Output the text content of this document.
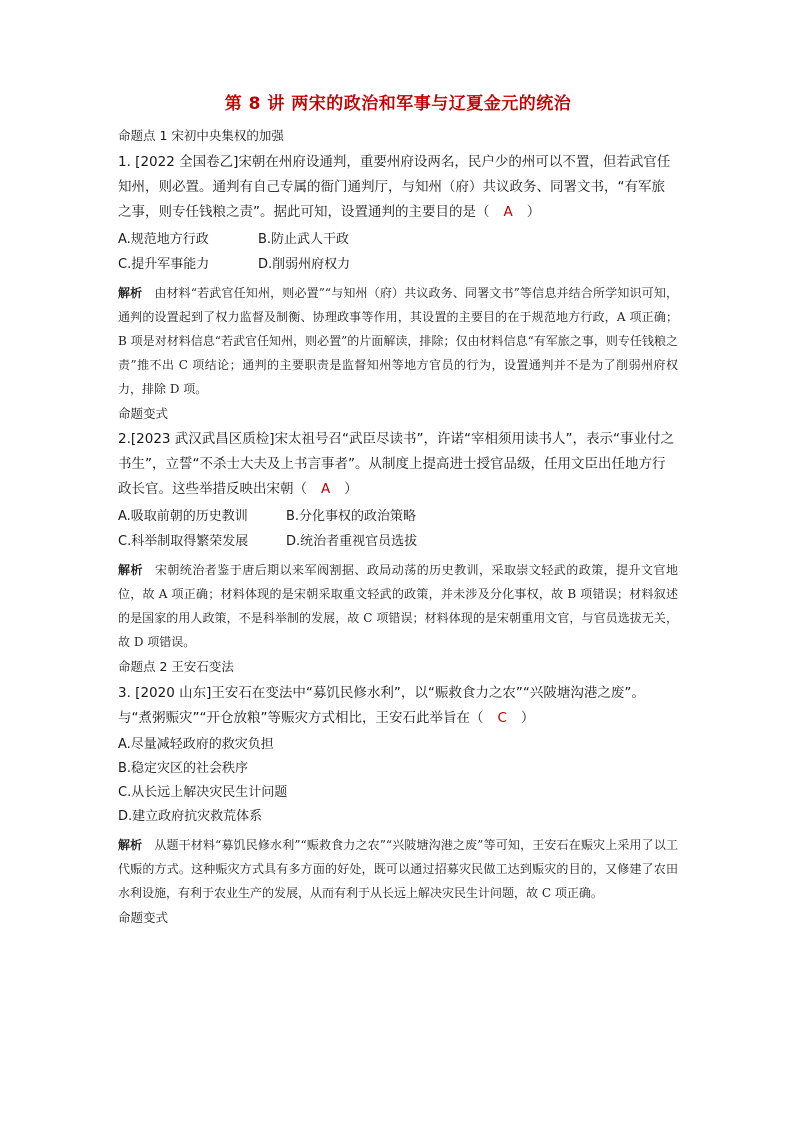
第 8 讲 两宋的政治和军事与辽夏金元的统治
命题点 1 宋初中央集权的加强

1. [2022 全国卷乙]宋朝在州府设通判，重要州府设两名，民户少的州可以不置，但若武官任知州，则必置。通判有自己专属的衙门通判厅，与知州（府）共议政务、同署文书，“有军旅之事，则专任钱粮之责”。据此可知，设置通判的主要目的是（ A ）

A.规范地方行政	B.防止武人干政
C.提升军事能力	D.削弱州府权力

解析 由材料“若武官任知州，则必置”“与知州（府）共议政务、同署文书”等信息并结合所学知识可知，通判的设置起到了权力监督及制衡、协理政事等作用，其设置的主要目的在于规范地方行政，A 项正确；B 项是对材料信息“若武官任知州，则必置”的片面解读，排除；仅由材料信息“有军旅之事，则专任钱粮之责”推不出 C 项结论；通判的主要职责是监督知州等地方官员的行为，设置通判并不是为了削弱州府权力，排除 D 项。

命题变式

2.[2023 武汉武昌区质检]宋太祖号召“武臣尽读书”，许诺“宰相须用读书人”，表示“事业付之书生”，立誓“不杀士大夫及上书言事者”。从制度上提高进士授官品级，任用文臣出任地方行政长官。这些举措反映出宋朝（ A ）

A.吸取前朝的历史教训	B.分化事权的政治策略
C.科举制取得繁荣发展	D.统治者重视官员选拔

解析 宋朝统治者鉴于唐后期以来军阀割据、政局动荡的历史教训，采取崇文轻武的政策，提升文官地位，故 A 项正确；材料体现的是宋朝采取重文轻武的政策，并未涉及分化事权，故 B 项错误；材料叙述的是国家的用人政策，不是科举制的发展，故 C 项错误；材料体现的是宋朝重用文官，与官员选拔无关，故 D 项错误。

命题点 2 王安石变法

3. [2020 山东]王安石在变法中“募饥民修水利”，以“赈救食力之农”“兴陂塘沟港之废”。与“煮粥赈灾”“开仓放粮”等赈灾方式相比，王安石此举旨在（ C ）

A.尽量减轻政府的救灾负担
B.稳定灾区的社会秩序
C.从长远上解决灾民生计问题
D.建立政府抗灾救荒体系

解析 从题干材料“募饥民修水利”“赈救食力之农”“兴陂塘沟港之废”等可知，王安石在赈灾上采用了以工代赈的方式。这种赈灾方式具有多方面的好处，既可以通过招募灾民做工达到赈灾的目的，又修建了农田水利设施，有利于农业生产的发展，从而有利于从长远上解决灾民生计问题，故 C 项正确。

命题变式
